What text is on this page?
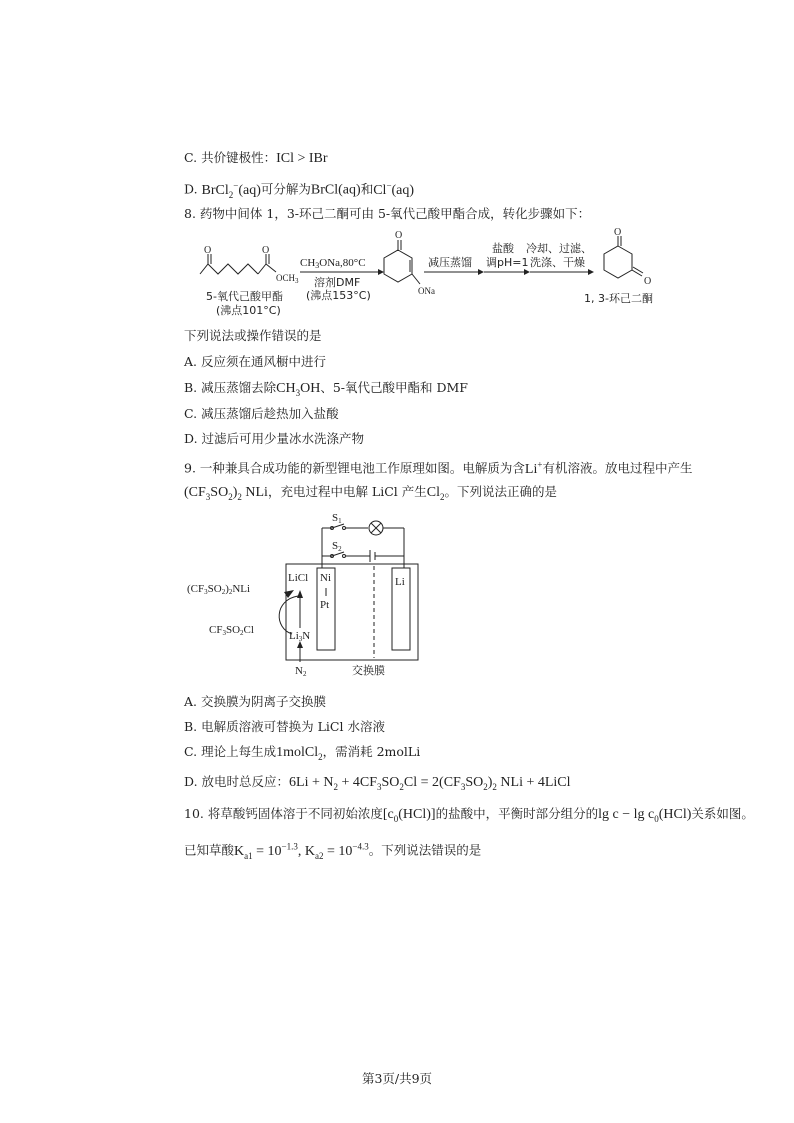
C. 共价键极性：ICl > IBr
D. BrCl$_2$−(aq)可分解为BrCl(aq)和Cl−(aq)
8. 药物中间体 1，3-环己二酮可由 5-氧代己酸甲酯合成，转化步骤如下：
O	O
$OCH_3$
5-氧代己酸甲酯
(沸点101°C)
CH3ONa,80°C
溶剂DMF
(沸点153°C)
O
ONa
减压蒸馏
盐酸
调pH=1
冷却、过滤、
洗涤、干燥
O
O
1, 3-环己二酮
下列说法或操作错误的是
A. 反应须在通风橱中进行
B. 减压蒸馏去除$CH_3OH$、5-氧代己酸甲酯和 DMF
C. 减压蒸馏后趁热加入盐酸
D. 过滤后可用少量冰水洗涤产物
9. 一种兼具合成功能的新型锂电池工作原理如图。电解质为含Li+有机溶液。放电过程中产生
$(CF_3SO_2)_2$ NLi，充电过程中电解 LiCl 产生$Cl_2$。下列说法正确的是
S1
S2
LiCl Ni
Pt
Li
Li3N
N2
(CF3SO2)2NLi
CF3SO2Cl
交换膜
A. 交换膜为阴离子交换膜
B. 电解质溶液可替换为 LiCl 水溶液
C. 理论上每生成1molCl$_2$，需消耗 2molLi
D. 放电时总反应：$6Li + N_2 + 4CF_3SO_2Cl = 2(CF_3SO_2)_2$ NLi + 4LiCl
10. 将草酸钙固体溶于不同初始浓度$[c_0(HCl)]$的盐酸中，平衡时部分组分的$\lg c - \lg c_0(HCl)$关系如图。
已知草酸$K_{a1} = 10^{-1.3}$, $K_{a2} = 10^{-4.3}$。下列说法错误的是
第3页/共9页
